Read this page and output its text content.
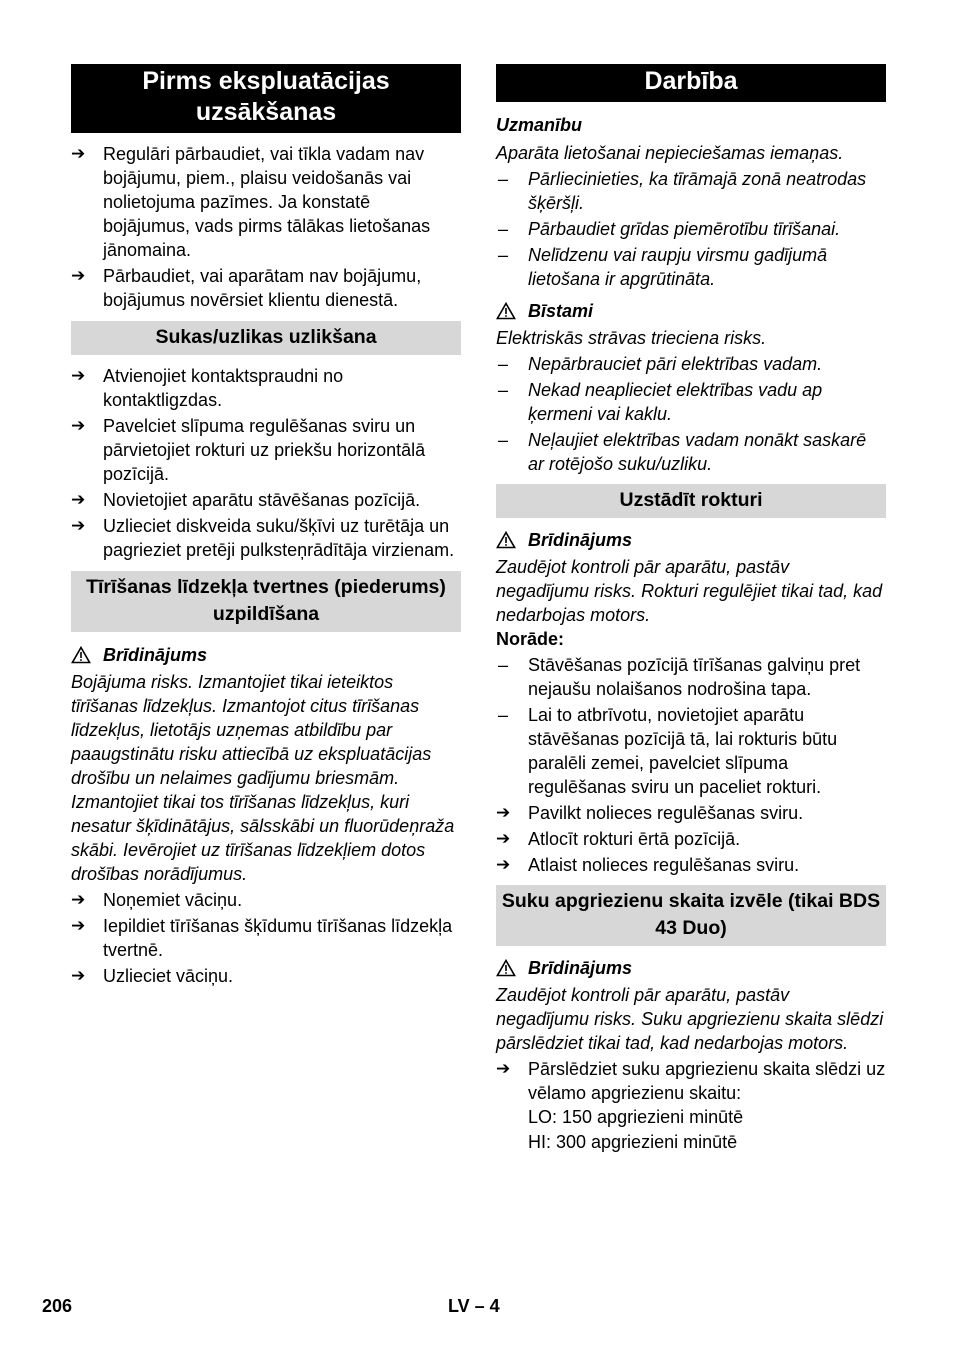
Pirms ekspluatācijas uzsākšanas
➔ Regulāri pārbaudiet, vai tīkla vadam nav bojājumu, piem., plaisu veidošanās vai nolietojuma pazīmes. Ja konstatē bojājumus, vads pirms tālākas lietošanas jānomaina.
➔ Pārbaudiet, vai aparātam nav bojājumu, bojājumus novērsiet klientu dienestā.
Sukas/uzlikas uzlikšana
➔ Atvienojiet kontaktspraudni no kontaktligzdas.
➔ Pavelciet slīpuma regulēšanas sviru un pārvietojiet rokturi uz priekšu horizontālā pozīcijā.
➔ Novietojiet aparātu stāvēšanas pozīcijā.
➔ Uzlieciet diskveida suku/šķīvi uz turētāja un pagrieziet pretēji pulksteņrādītāja virzienam.
Tīrīšanas līdzekļa tvertnes (piederums) uzpildīšana
Brīdinājums
Bojājuma risks. Izmantojiet tikai ieteiktos tīrīšanas līdzekļus. Izmantojot citus tīrīšanas līdzekļus, lietotājs uzņemas atbildību par paaugstinātu risku attiecībā uz ekspluatācijas drošību un nelaimes gadījumu briesmām. Izmantojiet tikai tos tīrīšanas līdzekļus, kuri nesatur šķīdinātājus, sālsskābi un fluorūdeņraža skābi. Ievērojiet uz tīrīšanas līdzekļiem dotos drošības norādījumus.
➔ Noņemiet vāciņu.
➔ Iepildiet tīrīšanas šķīdumu tīrīšanas līdzekļa tvertnē.
➔ Uzlieciet vāciņu.
Darbība
Uzmanību
Aparāta lietošanai nepieciešamas iemaņas.
–	Pārliecinieties, ka tīrāmajā zonā neatrodas šķēršļi.
–	Pārbaudiet grīdas piemērotību tīrīšanai.
–	Nelīdzenu vai raupju virsmu gadījumā lietošana ir apgrūtināta.
Bīstami
Elektriskās strāvas trieciena risks.
–	Nepārbrauciet pāri elektrības vadam.
–	Nekad neaplieciet elektrības vadu ap ķermeni vai kaklu.
–	Neļaujiet elektrības vadam nonākt saskarē ar rotējošo suku/uzliku.
Uzstādīt rokturi
Brīdinājums
Zaudējot kontroli pār aparātu, pastāv negadījumu risks. Rokturi regulējiet tikai tad, kad nedarbojas motors.
Norāde:
–	Stāvēšanas pozīcijā tīrīšanas galviņu pret nejaušu nolaišanos nodrošina tapa.
–	Lai to atbrīvotu, novietojiet aparātu stāvēšanas pozīcijā tā, lai rokturis būtu paralēli zemei, pavelciet slīpuma regulēšanas sviru un paceliet rokturi.
➔ Pavilkt nolieces regulēšanas sviru.
➔ Atlocīt rokturi ērtā pozīcijā.
➔ Atlaist nolieces regulēšanas sviru.
Suku apgriezienu skaita izvēle (tikai BDS 43 Duo)
Brīdinājums
Zaudējot kontroli pār aparātu, pastāv negadījumu risks. Suku apgriezienu skaita slēdzi pārslēdziet tikai tad, kad nedarbojas motors.
➔ Pārslēdziet suku apgriezienu skaita slēdzi uz vēlamo apgriezienu skaitu:
LO: 150 apgriezieni minūtē
HI: 300 apgriezieni minūtē
206	LV – 4
